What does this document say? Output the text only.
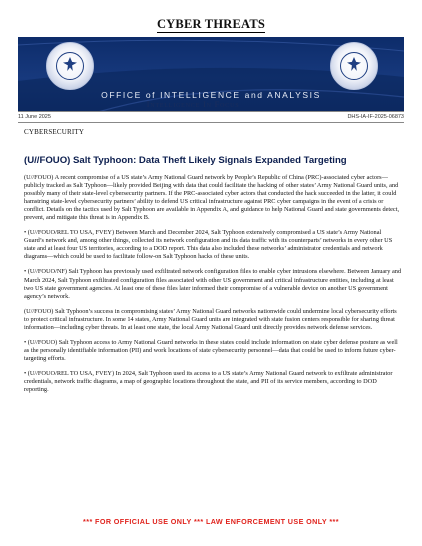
CYBER THREATS
OFFICE of INTELLIGENCE and ANALYSIS
Intelligence In Focus
11 June 2025	DHS-IA-IF-2025-06873
CYBERSECURITY
(U//FOUO) Salt Typhoon: Data Theft Likely Signals Expanded Targeting

(U//FOUO) A recent compromise of a US state’s Army National Guard network by People’s Republic of China (PRC)-associated cyber actors—publicly tracked as Salt Typhoon—likely provided Beijing with data that could facilitate the hacking of other states’ Army National Guard units, and possibly many of their state-level cybersecurity partners. If the PRC-associated cyber actors that conducted the hack succeeded in the latter, it could hamstring state-level cybersecurity partners’ ability to defend US critical infrastructure against PRC cyber campaigns in the event of a crisis or conflict. Details on the tactics used by Salt Typhoon are available in Appendix A, and guidance to help National Guard and state governments detect, prevent, and mitigate this threat is in Appendix B.

• (U//FOUO/REL TO USA, FVEY) Between March and December 2024, Salt Typhoon extensively compromised a US state’s Army National Guard’s network and, among other things, collected its network configuration and its data traffic with its counterparts’ networks in every other US state and at least four US territories, according to a DOD report. This data also included these networks’ administrator credentials and network diagrams—which could be used to facilitate follow-on Salt Typhoon hacks of these units.

• (U//FOUO/NF) Salt Typhoon has previously used exfiltrated network configuration files to enable cyber intrusions elsewhere. Between January and March 2024, Salt Typhoon exfiltrated configuration files associated with other US government and critical infrastructure entities, including at least two US state government agencies. At least one of these files later informed their compromise of a vulnerable device on another US government agency’s network.

(U//FOUO) Salt Typhoon’s success in compromising states’ Army National Guard networks nationwide could undermine local cybersecurity efforts to protect critical infrastructure. In some 14 states, Army National Guard units are integrated with state fusion centers responsible for sharing threat information—including cyber threats. In at least one state, the local Army National Guard unit directly provides network defense services.

• (U//FOUO) Salt Typhoon access to Army National Guard networks in these states could include information on state cyber defense posture as well as the personally identifiable information (PII) and work locations of state cybersecurity personnel—data that could be used to inform future cyber-targeting efforts.

• (U//FOUO/REL TO USA, FVEY) In 2024, Salt Typhoon used its access to a US state’s Army National Guard network to exfiltrate administrator credentials, network traffic diagrams, a map of geographic locations throughout the state, and PII of its service members, according to DOD reporting.

*** FOR OFFICIAL USE ONLY *** LAW ENFORCEMENT USE ONLY ***
